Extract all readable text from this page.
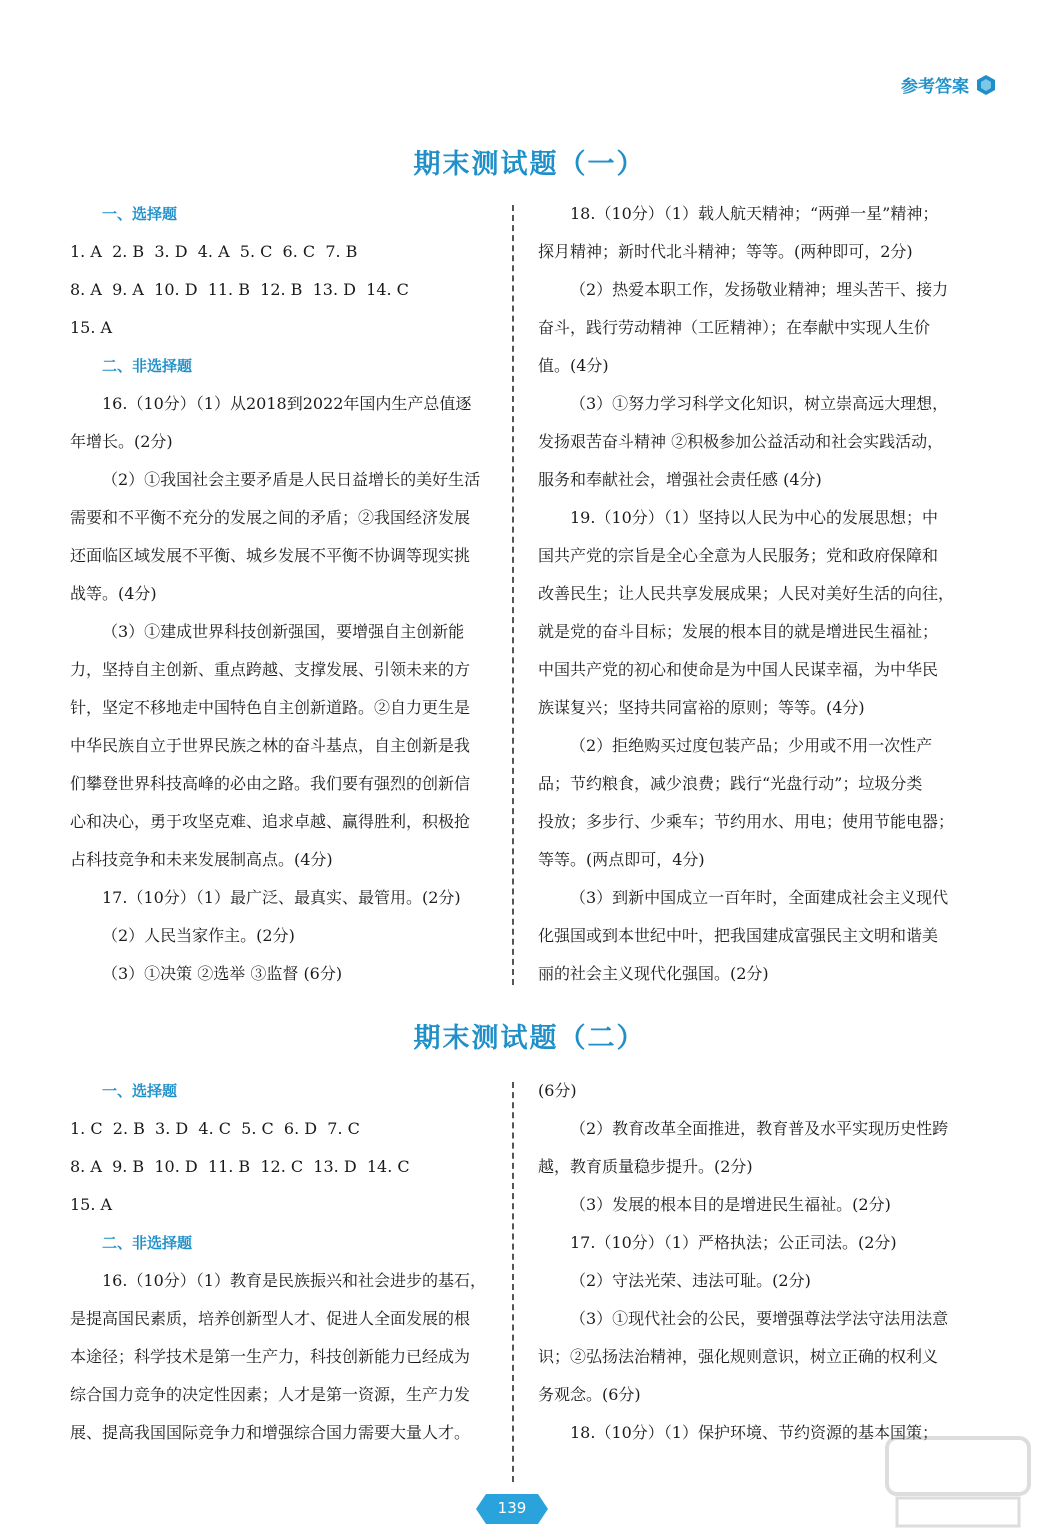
参考答案
期末测试题（一）

一、选择题

1. A  2. B  3. D  4. A  5. C  6. C  7. B

8. A  9. A  10. D  11. B  12. B  13. D  14. C

15. A

二、非选择题

16.（10分）（1）从2018到2022年国内生产总值逐

年增长。(2分)

（2）①我国社会主要矛盾是人民日益增长的美好生活

需要和不平衡不充分的发展之间的矛盾；②我国经济发展

还面临区域发展不平衡、城乡发展不平衡不协调等现实挑

战等。(4分)

（3）①建成世界科技创新强国，要增强自主创新能

力，坚持自主创新、重点跨越、支撑发展、引领未来的方

针，坚定不移地走中国特色自主创新道路。②自力更生是

中华民族自立于世界民族之林的奋斗基点，自主创新是我

们攀登世界科技高峰的必由之路。我们要有强烈的创新信

心和决心，勇于攻坚克难、追求卓越、赢得胜利，积极抢

占科技竞争和未来发展制高点。(4分)

17.（10分）（1）最广泛、最真实、最管用。(2分)

（2）人民当家作主。(2分)

（3）①决策 ②选举 ③监督 (6分)

18.（10分）（1）载人航天精神；“两弹一星”精神；

探月精神；新时代北斗精神；等等。(两种即可，2分)

（2）热爱本职工作，发扬敬业精神；埋头苦干、接力

奋斗，践行劳动精神（工匠精神）；在奉献中实现人生价

值。(4分)

（3）①努力学习科学文化知识，树立崇高远大理想，

发扬艰苦奋斗精神 ②积极参加公益活动和社会实践活动，

服务和奉献社会，增强社会责任感 (4分)

19.（10分）（1）坚持以人民为中心的发展思想；中

国共产党的宗旨是全心全意为人民服务；党和政府保障和

改善民生；让人民共享发展成果；人民对美好生活的向往，

就是党的奋斗目标；发展的根本目的就是增进民生福祉；

中国共产党的初心和使命是为中国人民谋幸福，为中华民

族谋复兴；坚持共同富裕的原则；等等。(4分)

（2）拒绝购买过度包装产品；少用或不用一次性产

品；节约粮食，减少浪费；践行“光盘行动”；垃圾分类

投放；多步行、少乘车；节约用水、用电；使用节能电器；

等等。(两点即可，4分)

（3）到新中国成立一百年时，全面建成社会主义现代

化强国或到本世纪中叶，把我国建成富强民主文明和谐美

丽的社会主义现代化强国。(2分)

期末测试题（二）

一、选择题

1. C  2. B  3. D  4. C  5. C  6. D  7. C

8. A  9. B  10. D  11. B  12. C  13. D  14. C

15. A

二、非选择题

16.（10分）（1）教育是民族振兴和社会进步的基石，

是提高国民素质，培养创新型人才、促进人全面发展的根

本途径；科学技术是第一生产力，科技创新能力已经成为

综合国力竞争的决定性因素；人才是第一资源，生产力发

展、提高我国国际竞争力和增强综合国力需要大量人才。

(6分)

（2）教育改革全面推进，教育普及水平实现历史性跨

越，教育质量稳步提升。(2分)

（3）发展的根本目的是增进民生福祉。(2分)

17.（10分）（1）严格执法；公正司法。(2分)

（2）守法光荣、违法可耻。(2分)

（3）①现代社会的公民，要增强尊法学法守法用法意

识；②弘扬法治精神，强化规则意识，树立正确的权利义

务观念。(6分)

18.（10分）（1）保护环境、节约资源的基本国策；

139
